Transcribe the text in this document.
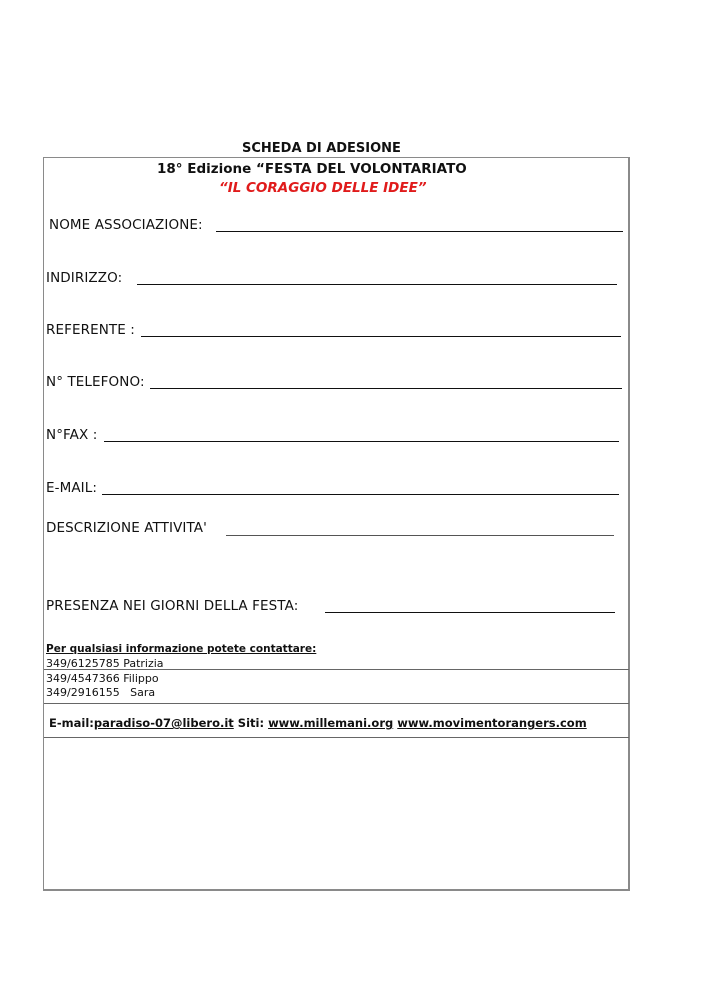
SCHEDA DI ADESIONE
18° Edizione “FESTA DEL VOLONTARIATO
“IL CORAGGIO DELLE IDEE”
NOME ASSOCIAZIONE:
INDIRIZZO:
REFERENTE :
N° TELEFONO:
N°FAX :
E-MAIL:
DESCRIZIONE ATTIVITA'
PRESENZA NEI GIORNI DELLA FESTA:
Per qualsiasi informazione potete contattare:
349/6125785 Patrizia
349/4547366 Filippo
349/2916155   Sara
E-mail:paradiso-07@libero.it Siti: www.millemani.org www.movimentorangers.com
